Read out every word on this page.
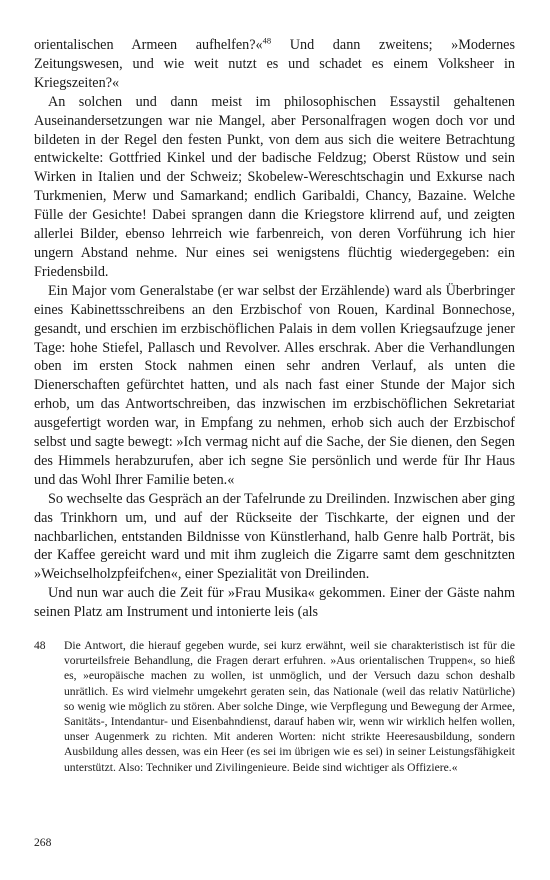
orientalischen Armeen aufhelfen?«$^{48}$ Und dann zweitens; »Modernes Zeitungswesen, und wie weit nutzt es und schadet es einem Volksheer in Kriegszeiten?«

An solchen und dann meist im philosophischen Essaystil gehaltenen Auseinandersetzungen war nie Mangel, aber Personalfragen wogen doch vor und bildeten in der Regel den festen Punkt, von dem aus sich die weitere Betrachtung entwickelte: Gottfried Kinkel und der badische Feldzug; Oberst Rüstow und sein Wirken in Italien und der Schweiz; Skobelew-Wereschtschagin und Exkurse nach Turkmenien, Merw und Samarkand; endlich Garibaldi, Chancy, Bazaine. Welche Fülle der Gesichte! Dabei sprangen dann die Kriegstore klirrend auf, und zeigten allerlei Bilder, ebenso lehrreich wie farbenreich, von deren Vorführung ich hier ungern Abstand nehme. Nur eines sei wenigstens flüchtig wiedergegeben: ein Friedensbild.

Ein Major vom Generalstabe (er war selbst der Erzählende) ward als Überbringer eines Kabinettsschreibens an den Erzbischof von Rouen, Kardinal Bonnechose, gesandt, und erschien im erzbischöflichen Palais in dem vollen Kriegsaufzuge jener Tage: hohe Stiefel, Pallasch und Revolver. Alles erschrak. Aber die Verhandlungen oben im ersten Stock nahmen einen sehr andren Verlauf, als unten die Dienerschaften gefürchtet hatten, und als nach fast einer Stunde der Major sich erhob, um das Antwortschreiben, das inzwischen im erzbischöflichen Sekretariat ausgefertigt worden war, in Empfang zu nehmen, erhob sich auch der Erzbischof selbst und sagte bewegt: »Ich vermag nicht auf die Sache, der Sie dienen, den Segen des Himmels herabzurufen, aber ich segne Sie persönlich und werde für Ihr Haus und das Wohl Ihrer Familie beten.«

So wechselte das Gespräch an der Tafelrunde zu Dreilinden. Inzwischen aber ging das Trinkhorn um, und auf der Rückseite der Tischkarte, der eignen und der nachbarlichen, entstanden Bildnisse von Künstlerhand, halb Genre halb Porträt, bis der Kaffee gereicht ward und mit ihm zugleich die Zigarre samt dem geschnitzten »Weichselholzpfeifchen«, einer Spezialität von Dreilinden.

Und nun war auch die Zeit für »Frau Musika« gekommen. Einer der Gäste nahm seinen Platz am Instrument und intonierte leis (als

48	Die Antwort, die hierauf gegeben wurde, sei kurz erwähnt, weil sie charakteristisch ist für die vorurteilsfreie Behandlung, die Fragen derart erfuhren. »Aus orientalischen Truppen«, so hieß es, »europäische machen zu wollen, ist unmöglich, und der Versuch dazu schon deshalb unrätlich. Es wird vielmehr umgekehrt geraten sein, das Nationale (weil das relativ Natürliche) so wenig wie möglich zu stören. Aber solche Dinge, wie Verpflegung und Bewegung der Armee, Sanitäts-, Intendantur- und Eisenbahndienst, darauf haben wir, wenn wir wirklich helfen wollen, unser Augenmerk zu richten. Mit anderen Worten: nicht strikte Heeresausbildung, sondern Ausbildung alles dessen, was ein Heer (es sei im übrigen wie es sei) in seiner Leistungsfähigkeit unterstützt. Also: Techniker und Zivilingenieure. Beide sind wichtiger als Offiziere.«
268
